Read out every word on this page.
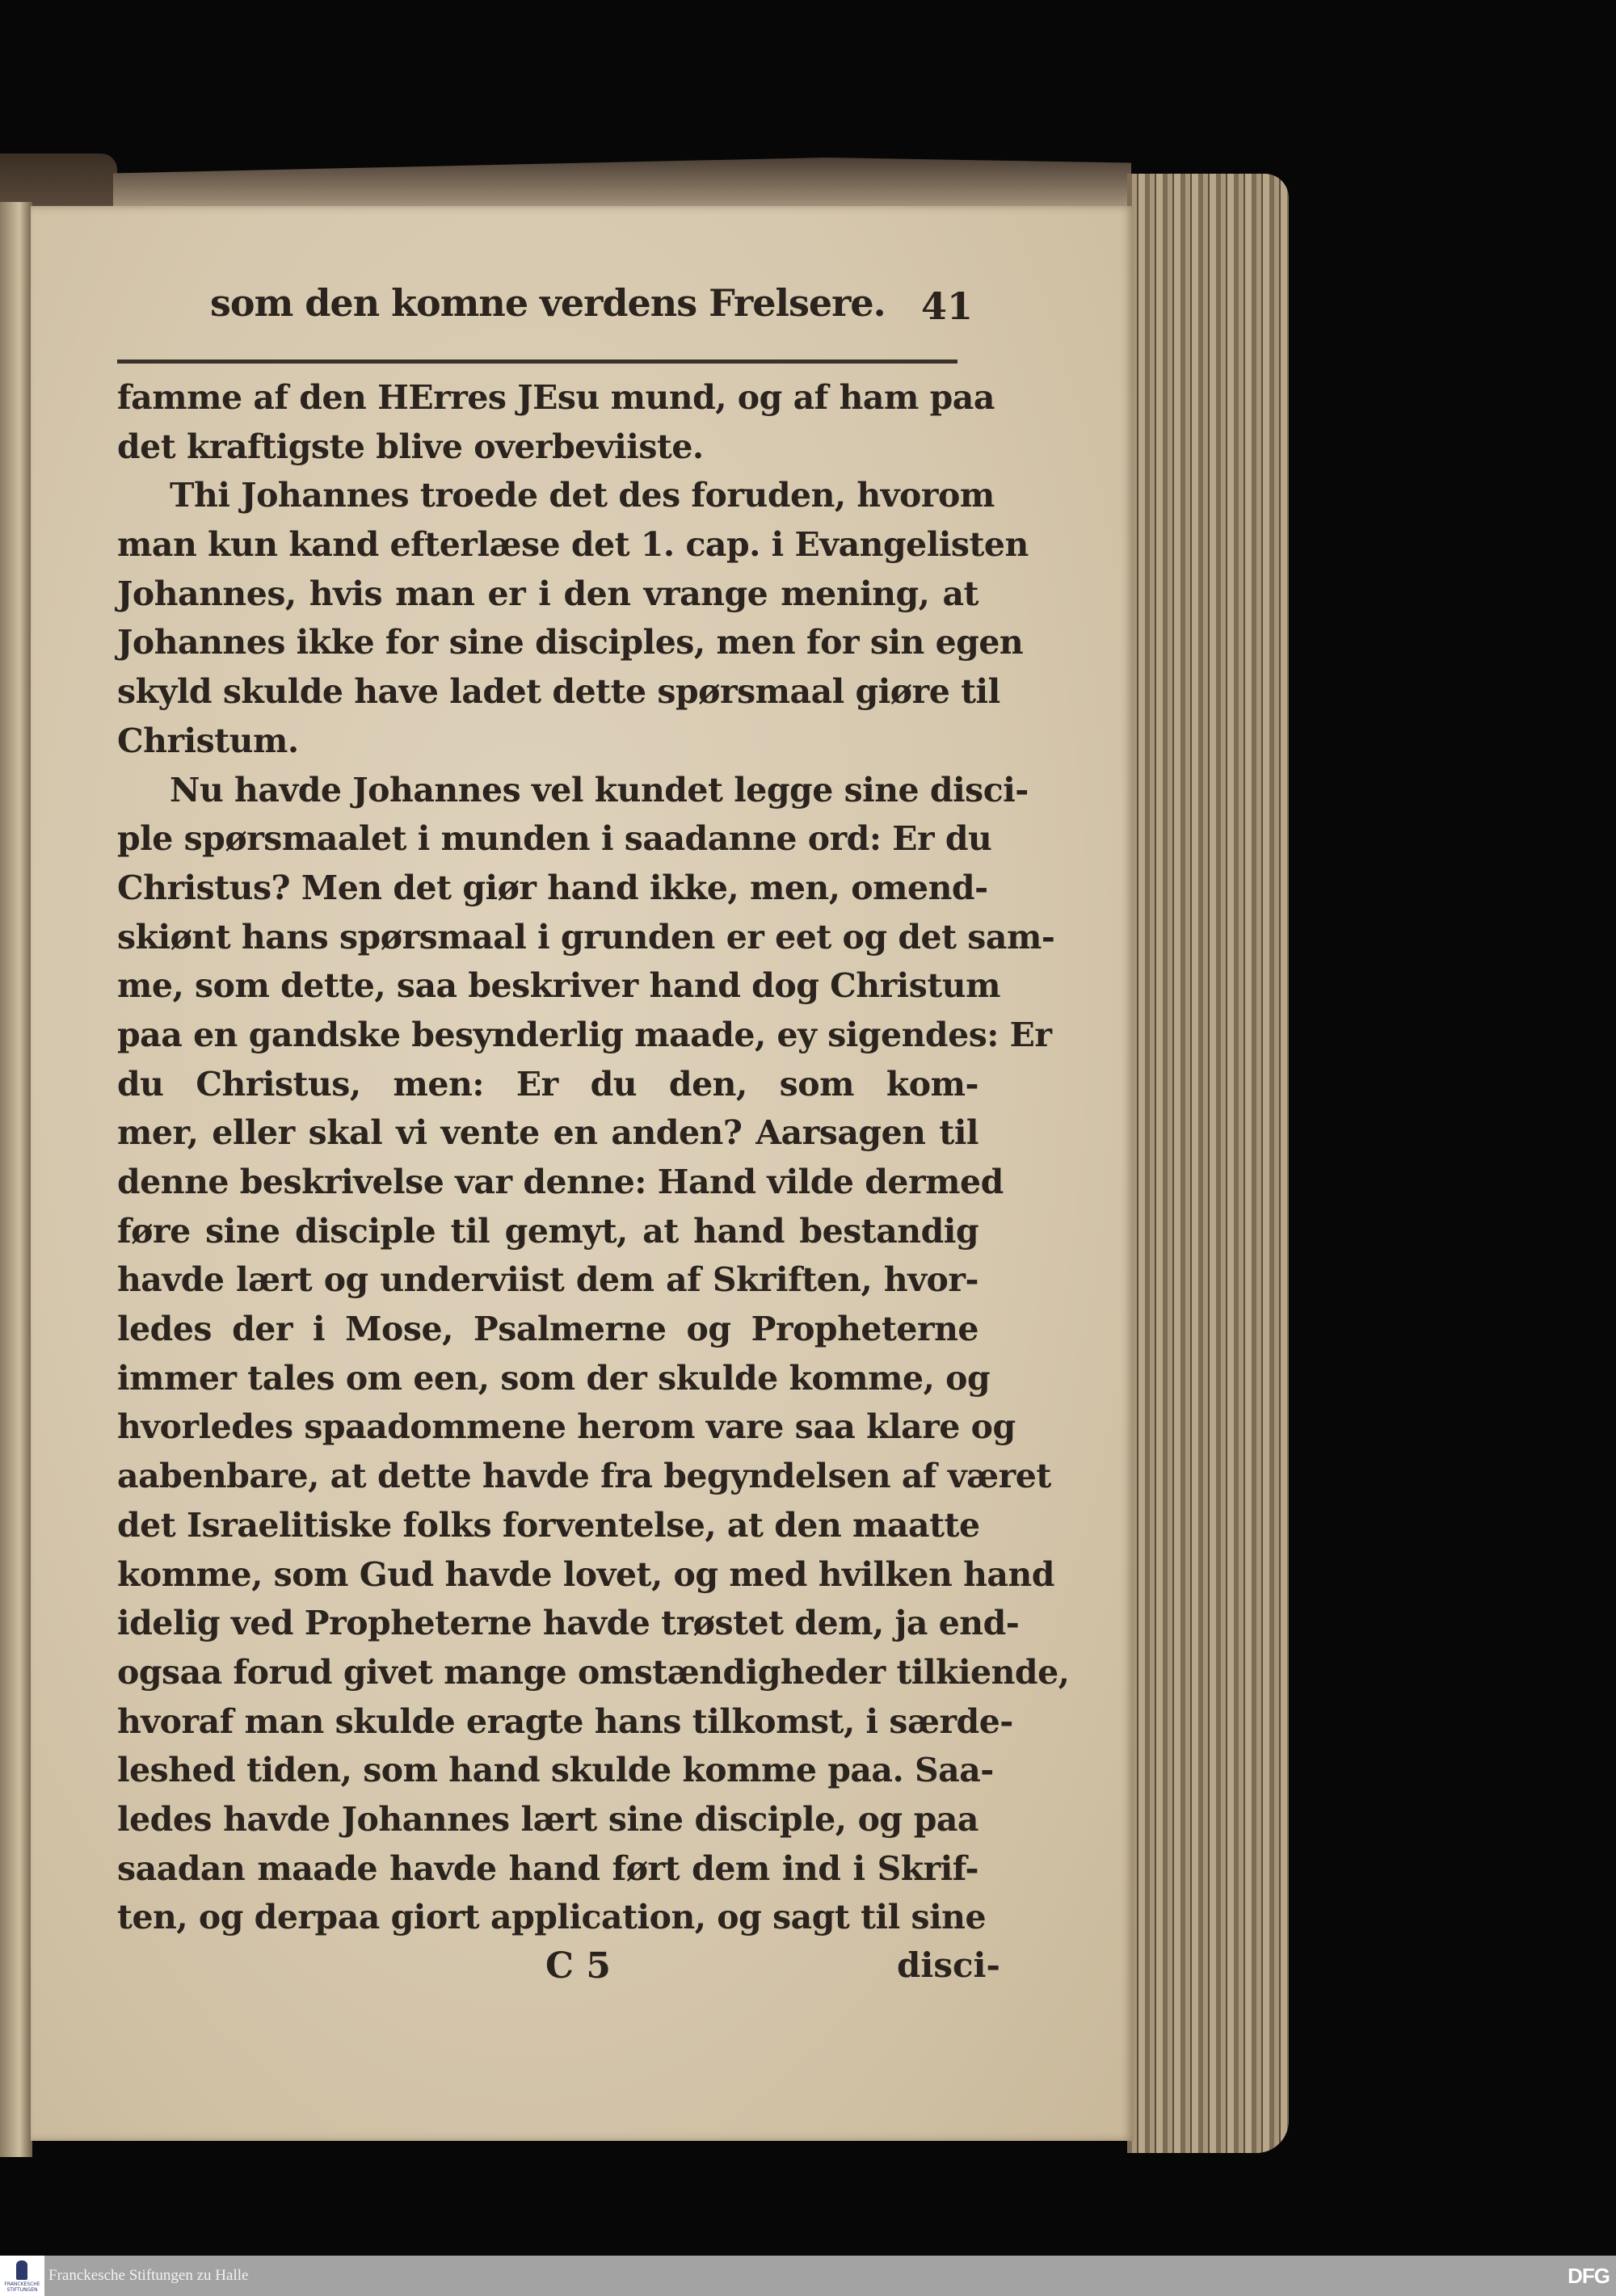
som den komne verdens Frelsere. 41
famme af den HErres JEsu mund, og af ham paa
det kraftigste blive overbeviiste.
Thi Johannes troede det des foruden, hvorom
man kun kand efterlæse det 1. cap. i Evangelisten
Johannes, hvis man er i den vrange mening, at
Johannes ikke for sine disciples, men for sin egen
skyld skulde have ladet dette spørsmaal giøre til
Christum.
Nu havde Johannes vel kundet legge sine disci-
ple spørsmaalet i munden i saadanne ord: Er du
Christus? Men det giør hand ikke, men, omend-
skiønt hans spørsmaal i grunden er eet og det sam-
me, som dette, saa beskriver hand dog Christum
paa en gandske besynderlig maade, ey sigendes: Er
du Christus, men: Er du den, som kom-
mer, eller skal vi vente en anden? Aarsagen til
denne beskrivelse var denne: Hand vilde dermed
føre sine disciple til gemyt, at hand bestandig
havde lært og underviist dem af Skriften, hvor-
ledes der i Mose, Psalmerne og Propheterne
immer tales om een, som der skulde komme, og
hvorledes spaadommene herom vare saa klare og
aabenbare, at dette havde fra begyndelsen af været
det Israelitiske folks forventelse, at den maatte
komme, som Gud havde lovet, og med hvilken hand
idelig ved Propheterne havde trøstet dem, ja end-
ogsaa forud givet mange omstændigheder tilkiende,
hvoraf man skulde eragte hans tilkomst, i særde-
leshed tiden, som hand skulde komme paa. Saa-
ledes havde Johannes lært sine disciple, og paa
saadan maade havde hand ført dem ind i Skrif-
ten, og derpaa giort application, og sagt til sine
C 5	disci-
FRANCKESCHE STIFTUNGEN
Franckesche Stiftungen zu Halle	DFG
